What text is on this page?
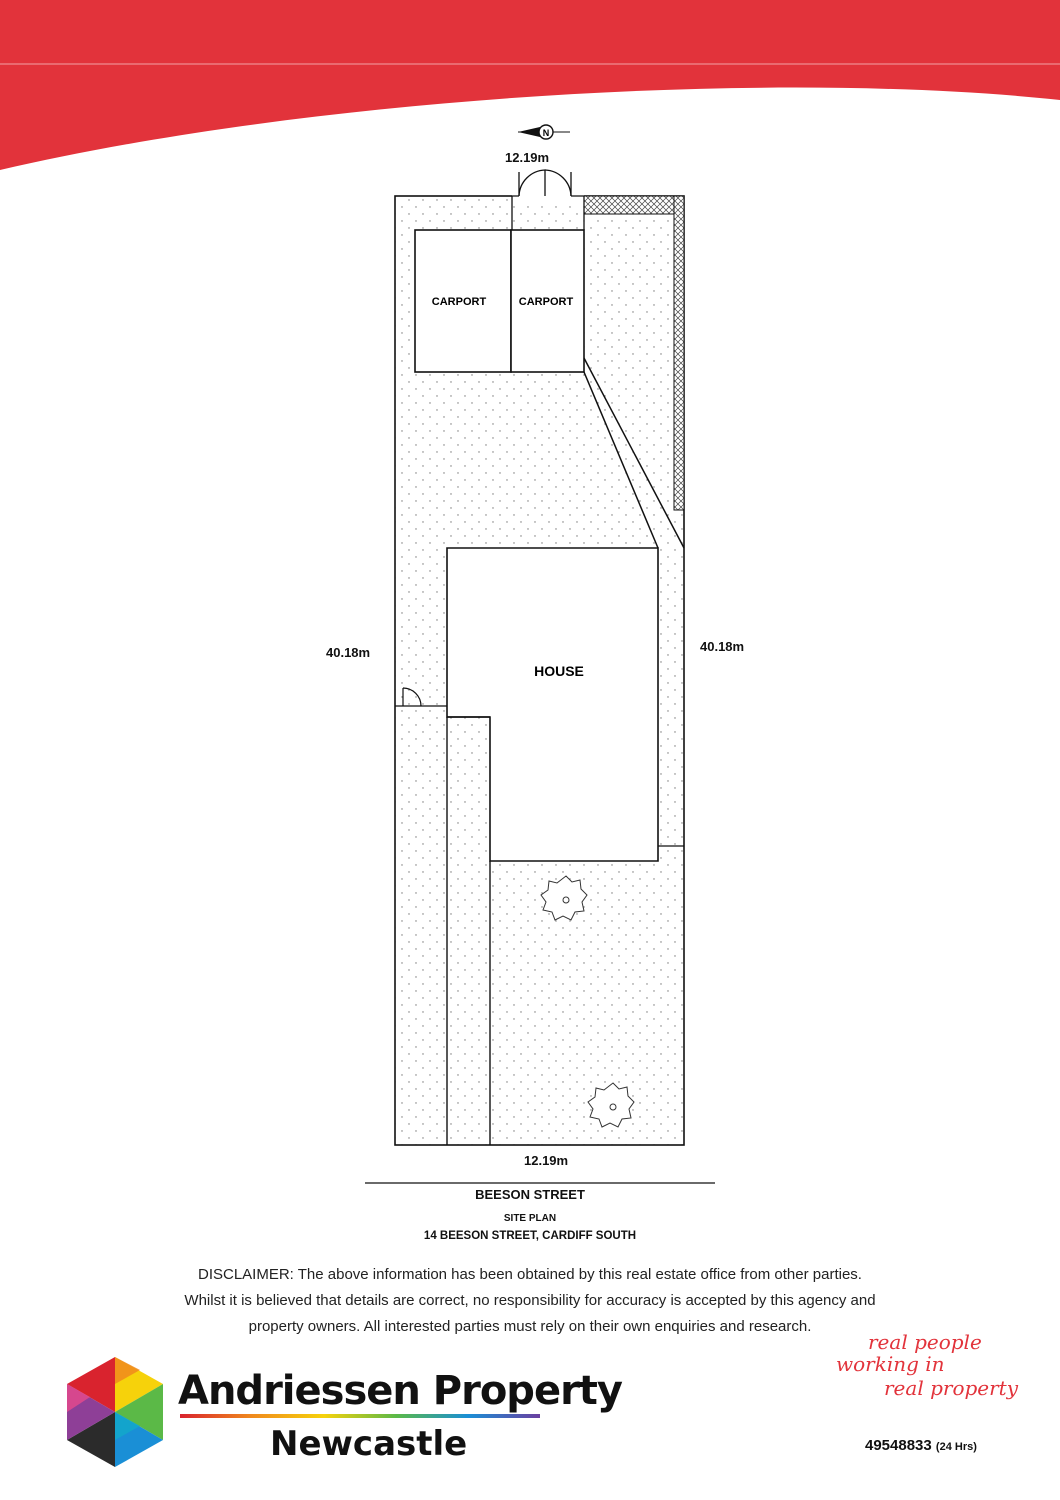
N
CARPORT	CARPORT
HOUSE
12.19m
12.19m
40.18m	40.18m
BEESON STREET
SITE PLAN
14 BEESON STREET, CARDIFF SOUTH
DISCLAIMER: The above information has been obtained by this real estate office from other parties.
Whilst it is believed that details are correct, no responsibility for accuracy is accepted by this agency and
property owners. All interested parties must rely on their own enquiries and research.
Andriessen Property
Newcastle
real people
working in
real property
49548833 (24 Hrs)
